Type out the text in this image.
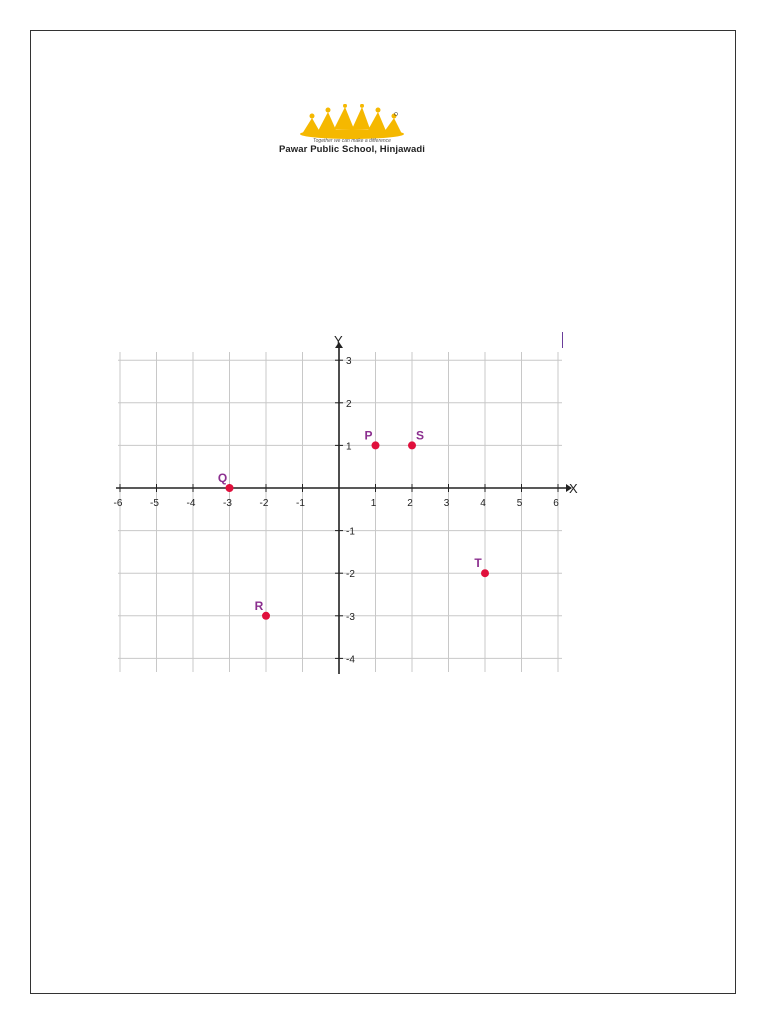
Together we can make a difference
Pawar Public School, Hinjawadi
X
Y
-6	-5	-4	-3	-2	-1	1	2	3	4	5	6
3
2
1
-1
-2
-3
-4
P	S
Q
R
T
